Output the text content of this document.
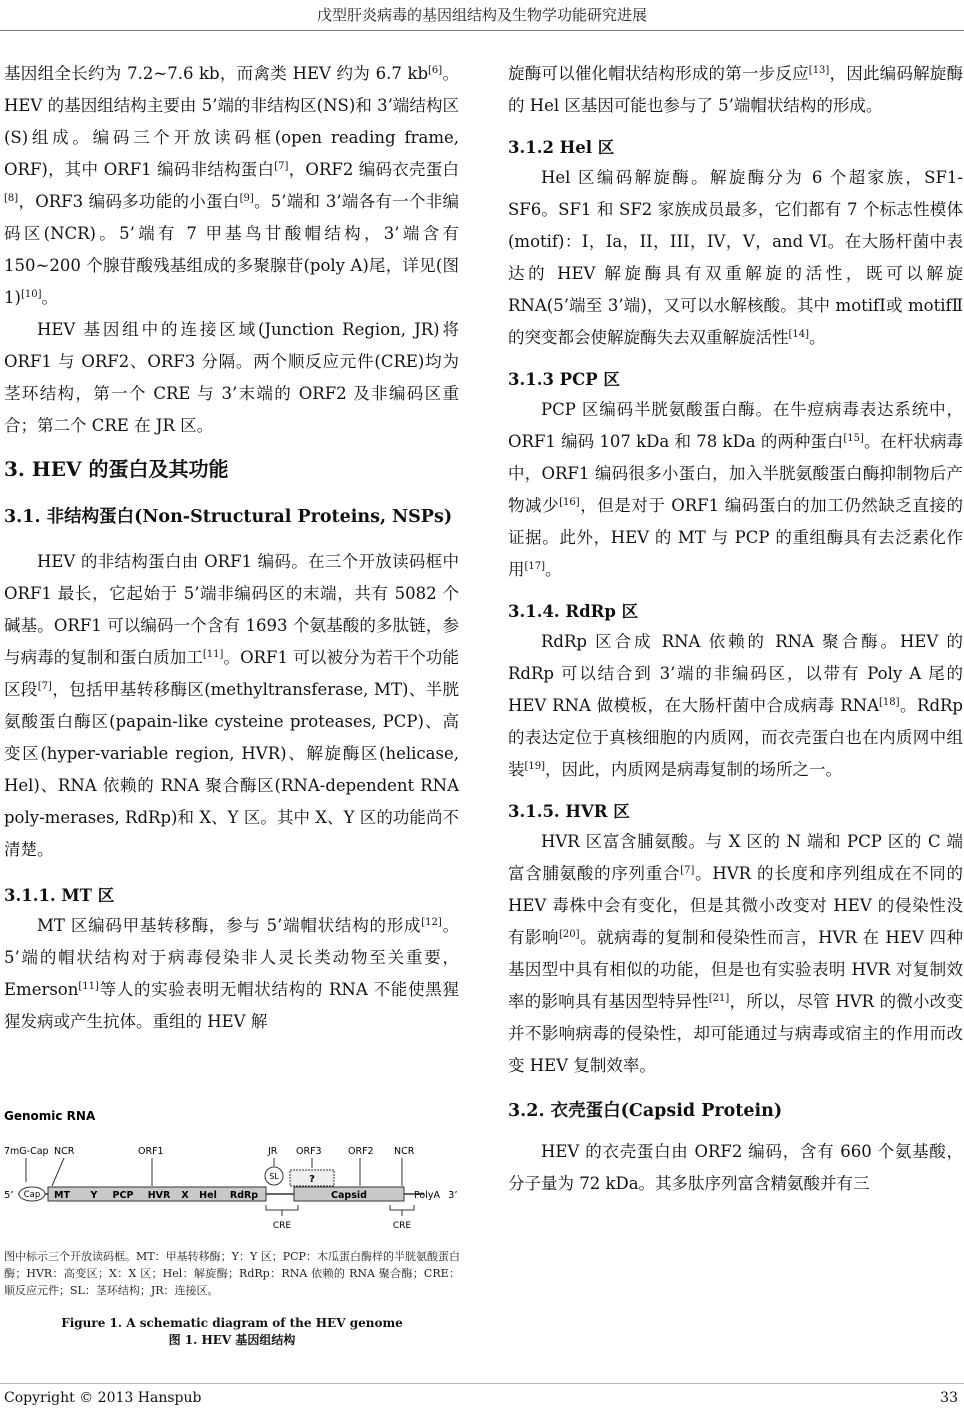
戊型肝炎病毒的基因组结构及生物学功能研究进展

基因组全长约为 7.2~7.6 kb，而禽类 HEV 约为 6.7 kb[6]。HEV 的基因组结构主要由 5’端的非结构区(NS)和 3’端结构区(S)组成。编码三个开放读码框(open reading frame, ORF)，其中 ORF1 编码非结构蛋白[7]，ORF2 编码衣壳蛋白[8]，ORF3 编码多功能的小蛋白[9]。5’端和 3’端各有一个非编码区(NCR)。5’端有 7 甲基鸟甘酸帽结构，3’端含有 150~200 个腺苷酸残基组成的多聚腺苷(poly A)尾，详见(图 1)[10]。

HEV 基因组中的连接区域(Junction Region, JR)将 ORF1 与 ORF2、ORF3 分隔。两个顺反应元件(CRE)均为茎环结构，第一个 CRE 与 3’末端的 ORF2 及非编码区重合；第二个 CRE 在 JR 区。

3. HEV 的蛋白及其功能
3.1. 非结构蛋白(Non-Structural Proteins, NSPs)

HEV 的非结构蛋白由 ORF1 编码。在三个开放读码框中 ORF1 最长，它起始于 5’端非编码区的末端，共有 5082 个碱基。ORF1 可以编码一个含有 1693 个氨基酸的多肽链，参与病毒的复制和蛋白质加工[11]。ORF1 可以被分为若干个功能区段[7]，包括甲基转移酶区(methyltransferase, MT)、半胱氨酸蛋白酶区(papain-like cysteine proteases, PCP)、高变区(hyper-variable region, HVR)、解旋酶区(helicase, Hel)、RNA 依赖的 RNA 聚合酶区(RNA-dependent RNA poly-merases, RdRp)和 X、Y 区。其中 X、Y 区的功能尚不清楚。

3.1.1. MT 区

MT 区编码甲基转移酶，参与 5’端帽状结构的形成[12]。5’端的帽状结构对于病毒侵染非人灵长类动物至关重要，Emerson[11]等人的实验表明无帽状结构的 RNA 不能使黑猩猩发病或产生抗体。重组的 HEV 解

Genomic RNA
7mG-Cap NCR	ORF1	JR ORF3	ORF2 NCR
5’ Cap MT Y PCP HVR X Hel RdRp
SL	?
Capsid	PolyA 3’
CRE	CRE
图中标示三个开放读码框。MT：甲基转移酶；Y：Y 区；PCP：木瓜蛋白酶样的半胱氨酸蛋白酶；HVR：高变区；X：X 区；Hel：解旋酶；RdRp：RNA 依赖的 RNA 聚合酶；CRE：顺反应元件；SL：茎环结构；JR：连接区。
Figure 1. A schematic diagram of the HEV genome
图 1. HEV 基因组结构

旋酶可以催化帽状结构形成的第一步反应[13]，因此编码解旋酶的 Hel 区基因可能也参与了 5’端帽状结构的形成。

3.1.2 Hel 区

Hel 区编码解旋酶。解旋酶分为 6 个超家族，SF1-SF6。SF1 和 SF2 家族成员最多，它们都有 7 个标志性模体(motif)：I，Ia，II，III，IV，V，and VI。在大肠杆菌中表达的 HEV 解旋酶具有双重解旋的活性，既可以解旋 RNA(5’端至 3’端)，又可以水解核酸。其中 motifⅠ或 motifⅡ的突变都会使解旋酶失去双重解旋活性[14]。

3.1.3 PCP 区

PCP 区编码半胱氨酸蛋白酶。在牛痘病毒表达系统中，ORF1 编码 107 kDa 和 78 kDa 的两种蛋白[15]。在杆状病毒中，ORF1 编码很多小蛋白，加入半胱氨酸蛋白酶抑制物后产物减少[16]，但是对于 ORF1 编码蛋白的加工仍然缺乏直接的证据。此外，HEV 的 MT 与 PCP 的重组酶具有去泛素化作用[17]。

3.1.4. RdRp 区

RdRp 区合成 RNA 依赖的 RNA 聚合酶。HEV 的 RdRp 可以结合到 3’端的非编码区，以带有 Poly A 尾的 HEV RNA 做模板，在大肠杆菌中合成病毒 RNA[18]。RdRp 的表达定位于真核细胞的内质网，而衣壳蛋白也在内质网中组装[19]，因此，内质网是病毒复制的场所之一。

3.1.5. HVR 区

HVR 区富含脯氨酸。与 X 区的 N 端和 PCP 区的 C 端富含脯氨酸的序列重合[7]。HVR 的长度和序列组成在不同的 HEV 毒株中会有变化，但是其微小改变对 HEV 的侵染性没有影响[20]。就病毒的复制和侵染性而言，HVR 在 HEV 四种基因型中具有相似的功能，但是也有实验表明 HVR 对复制效率的影响具有基因型特异性[21]，所以，尽管 HVR 的微小改变并不影响病毒的侵染性，却可能通过与病毒或宿主的作用而改变 HEV 复制效率。

3.2. 衣壳蛋白(Capsid Protein)

HEV 的衣壳蛋白由 ORF2 编码，含有 660 个氨基酸，分子量为 72 kDa。其多肽序列富含精氨酸并有三

Copyright © 2013 Hanspub	33
